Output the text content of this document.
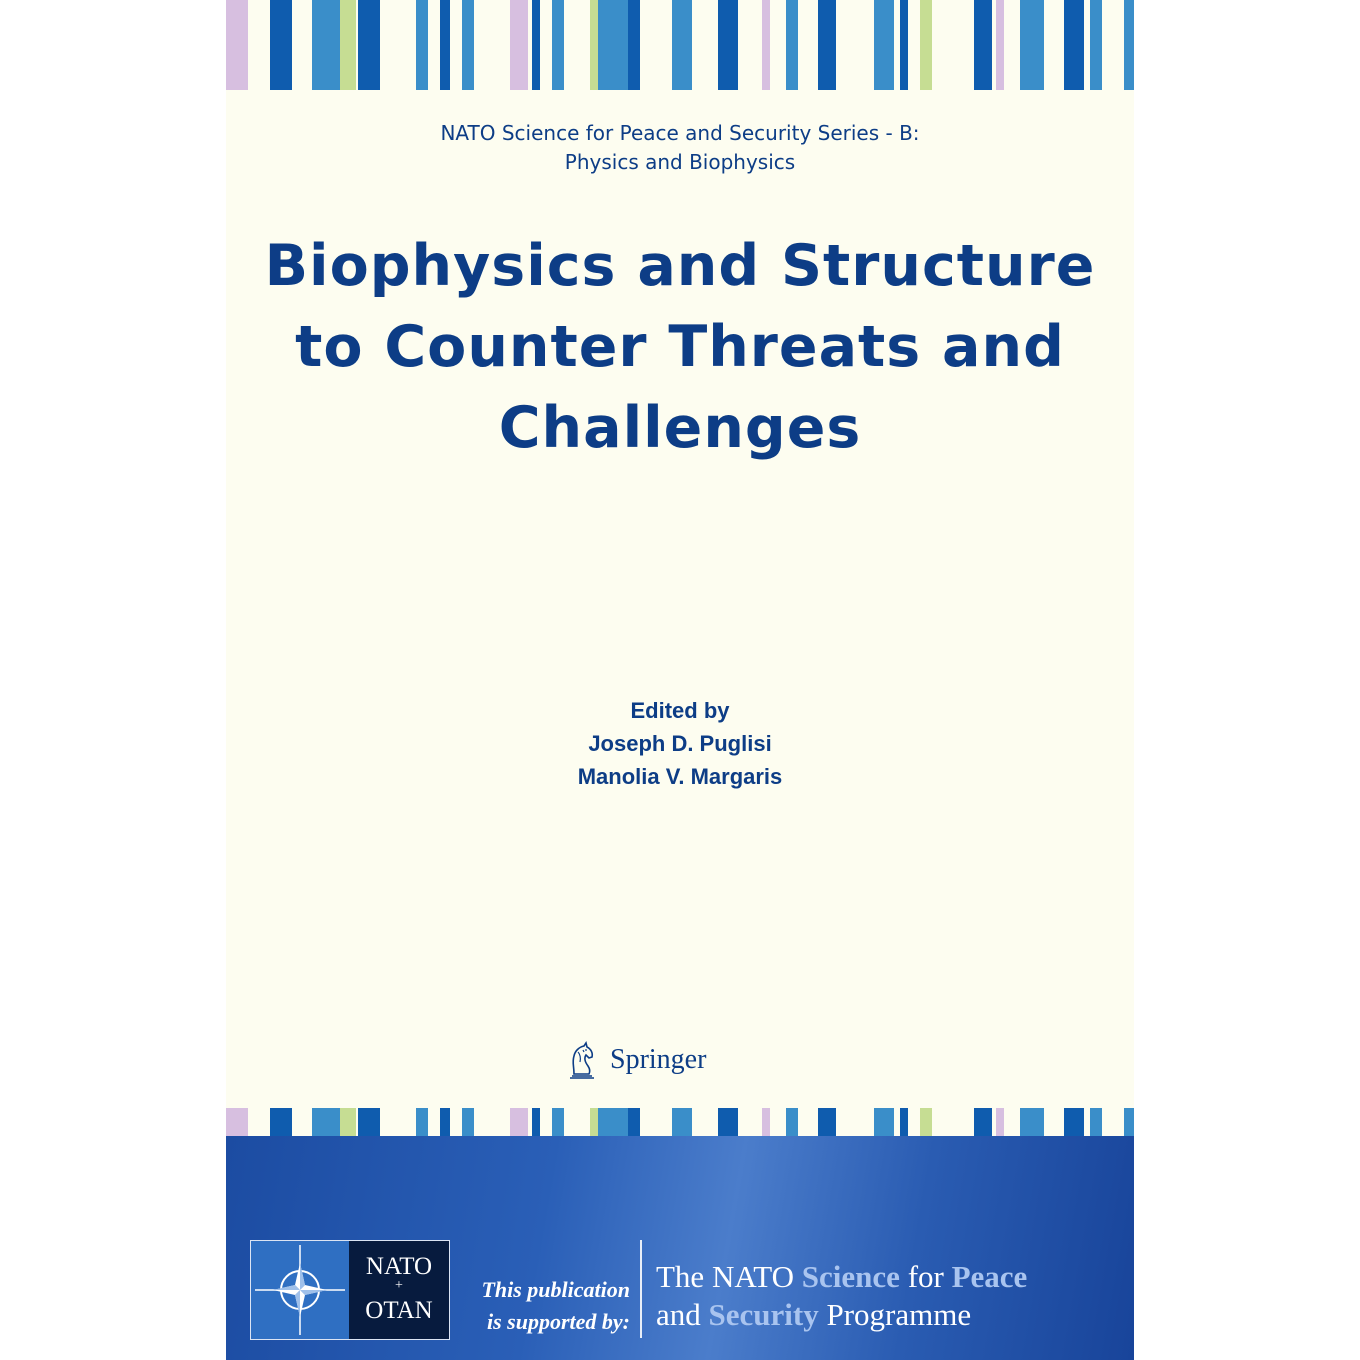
NATO Science for Peace and Security Series - B:
Physics and Biophysics
Biophysics and Structure
to Counter Threats and
Challenges
Edited by
Joseph D. Puglisi
Manolia V. Margaris
Springer
NATO
+
OTAN
This publication
is supported by:
The NATO Science for Peace
and Security Programme
